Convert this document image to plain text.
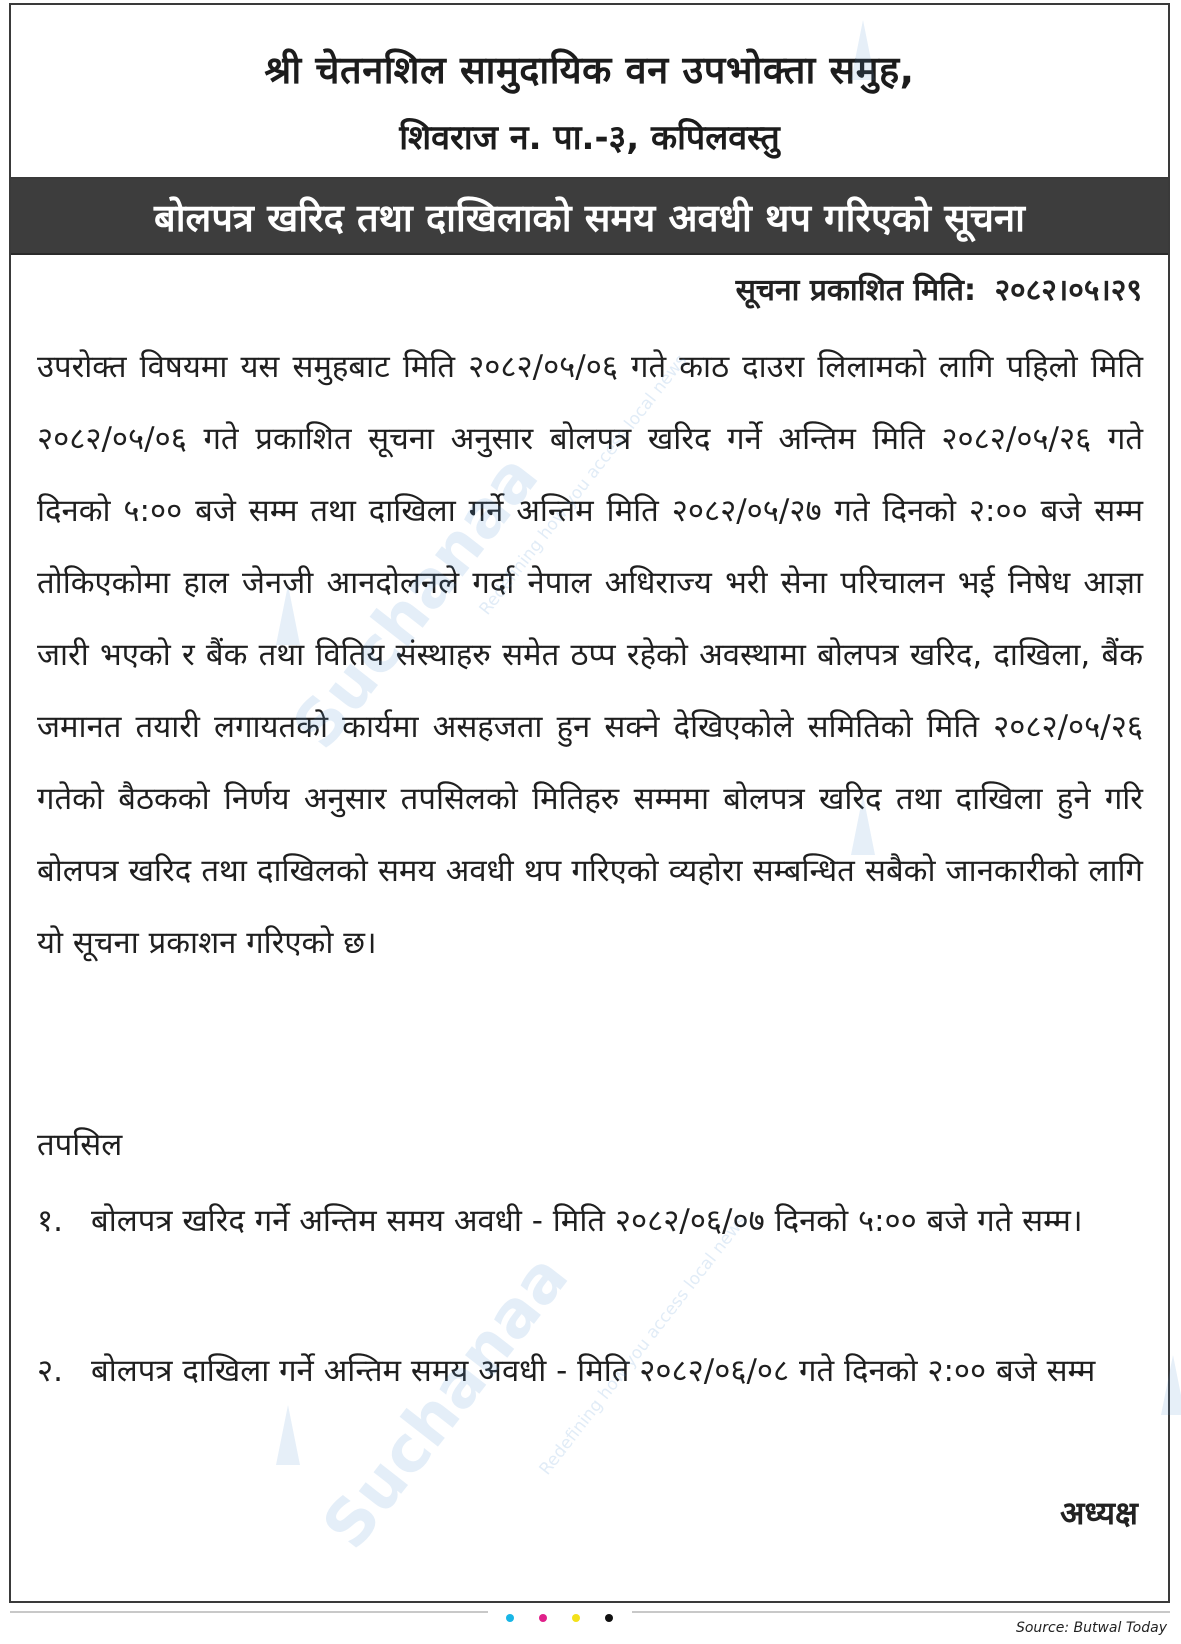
श्री चेतनशिल सामुदायिक वन उपभोक्ता समुह,
शिवराज न. पा.-३, कपिलवस्तु
बोलपत्र खरिद तथा दाखिलाको समय अवधी थप गरिएको सूचना
सूचना प्रकाशित मिति: २०८२।०५।२९
उपरोक्त विषयमा यस समुहबाट मिति २०८२/०५/०६ गते काठ दाउरा लिलामको लागि पहिलो मिति २०८२/०५/०६ गते प्रकाशित सूचना अनुसार बोलपत्र खरिद गर्ने अन्तिम मिति २०८२/०५/२६ गते दिनको ५:०० बजे सम्म तथा दाखिला गर्ने अन्तिम मिति २०८२/०५/२७ गते दिनको २:०० बजे सम्म तोकिएकोमा हाल जेनजी आनदोलनले गर्दा नेपाल अधिराज्य भरी सेना परिचालन भई निषेध आज्ञा जारी भएको र बैंक तथा वितिय संस्थाहरु समेत ठप्प रहेको अवस्थामा बोलपत्र खरिद, दाखिला, बैंक जमानत तयारी लगायतको कार्यमा असहजता हुन सक्ने देखिएकोले समितिको मिति २०८२/०५/२६ गतेको बैठकको निर्णय अनुसार तपसिलको मितिहरु सम्ममा बोलपत्र खरिद तथा दाखिला हुने गरि बोलपत्र खरिद तथा दाखिलको समय अवधी थप गरिएको व्यहोरा सम्बन्धित सबैको जानकारीको लागि यो सूचना प्रकाशन गरिएको छ।
तपसिल
१. बोलपत्र खरिद गर्ने अन्तिम समय अवधी - मिति २०८२/०६/०७ दिनको ५:०० बजे गते सम्म।
२. बोलपत्र दाखिला गर्ने अन्तिम समय अवधी - मिति २०८२/०६/०८ गते दिनको २:०० बजे सम्म
अध्यक्ष
Suchanaa
Suchanaa
Redefining how you access local news
Redefining how you access local news
Source: Butwal Today
